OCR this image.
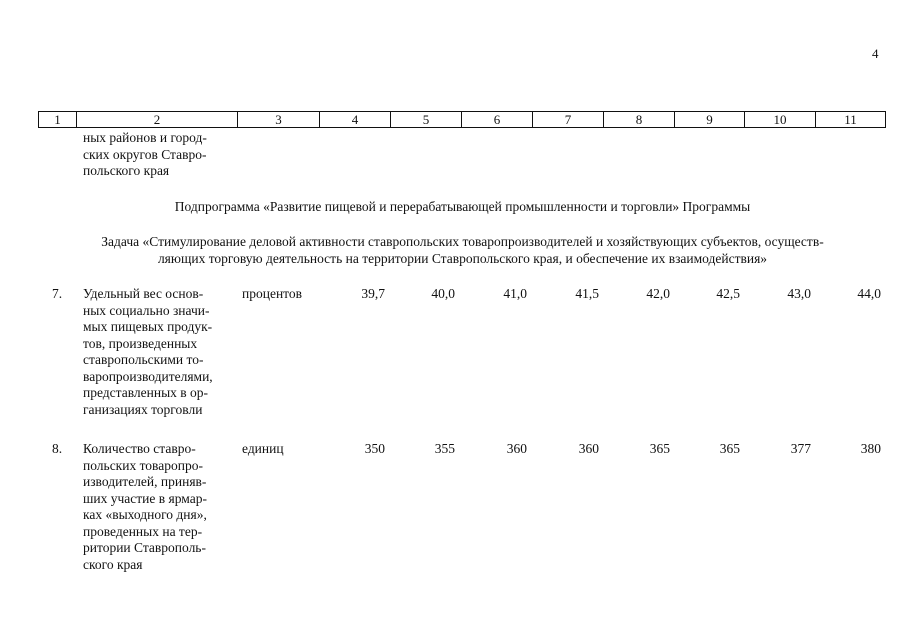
4
1	2	3	4	5	6	7	8	9	10	11
ных районов и город-
ских округов Ставро-
польского края
Подпрограмма «Развитие пищевой и перерабатывающей промышленности и торговли» Программы
Задача «Стимулирование деловой активности ставропольских товаропроизводителей и хозяйствующих субъектов, осуществ-
ляющих торговую деятельность на территории Ставропольского края, и обеспечение их взаимодействия»
7. Удельный вес основ-
ных социально значи-
мых пищевых продук-
тов, произведенных
ставропольскими то-
варопроизводителями,
представленных в ор-
ганизациях торговли
процентов	39,7	40,0	41,0	41,5	42,0	42,5	43,0	44,0
8. Количество ставро-
польских товаропро-
изводителей, приняв-
ших участие в ярмар-
ках «выходного дня»,
проведенных на тер-
ритории Ставрополь-
ского края
единиц	350	355	360	360	365	365	377	380
